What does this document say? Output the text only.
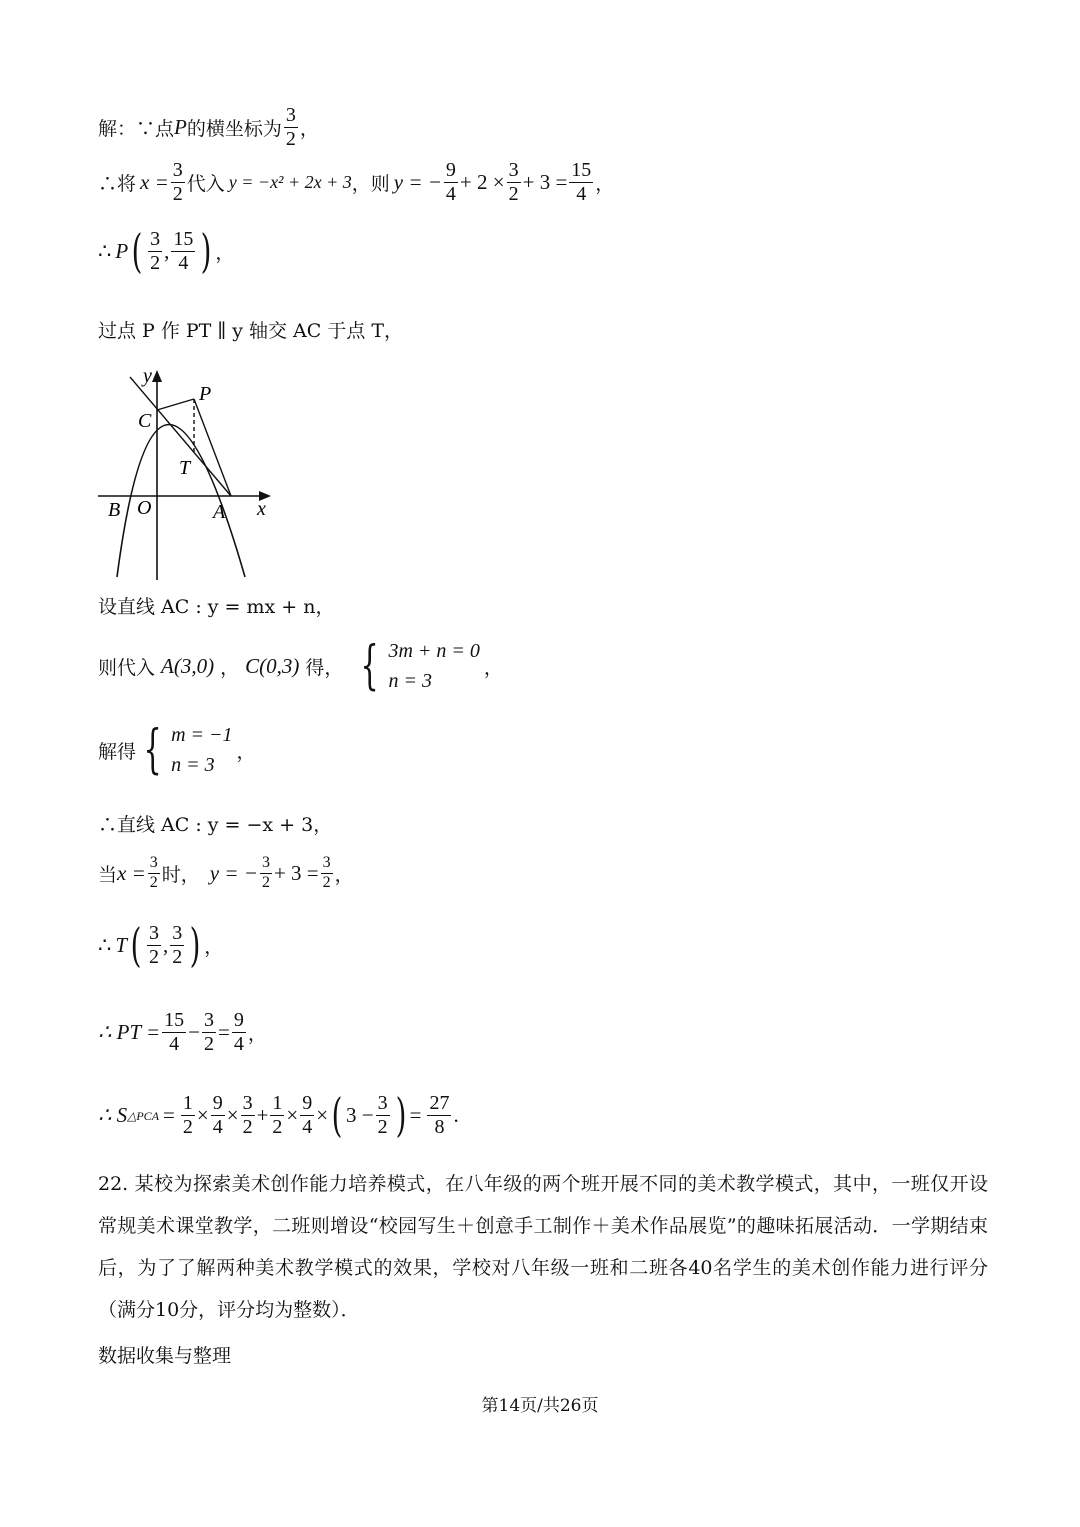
解：∵点 P 的横坐标为 $\frac{3}{2}$ ，
∴将 $x = \frac{3}{2}$ 代入 y = −x² + 2x + 3 ，则 y = − $\frac{9}{4} + 2 \times \frac{3}{2} + 3 = \frac{15}{4}$ ，
∴ P ( $\frac{3}{2}$ , $\frac{15}{4}$ ) ，
过点 P 作 PT ∥ y 轴交 AC 于点 T，
y
P
C
T
B O	A x
设直线 AC : y = mx + n，
则代入 A(3,0) ， C(0,3) 得， { 3m + n = 0
n = 3
，
解得 { m = −1
n = 3
，
∴直线 AC : y = −x + 3，
当 $x = \frac{3}{2}$ 时， y = − $\frac{3}{2} + 3 = \frac{3}{2}$ ，
∴ T ( $\frac{3}{2}$ , $\frac{3}{2}$ ) ，
∴ PT = $\frac{15}{4} - \frac{3}{2} = \frac{9}{4}$ ，
∴ S △PCA = $\frac{1}{2} \times \frac{9}{4} \times \frac{3}{2} + \frac{1}{2} \times \frac{9}{4}$ × ( $3 - \frac{3}{2}$ ) = $\frac{27}{8}$ .
22. 某校为探索美术创作能力培养模式，在八年级的两个班开展不同的美术教学模式，其中，一班仅开设常规美术课堂教学，二班则增设“校园写生＋创意手工制作＋美术作品展览”的趣味拓展活动．一学期结束后，为了了解两种美术教学模式的效果，学校对八年级一班和二班各40名学生的美术创作能力进行评分（满分10分，评分均为整数）．
数据收集与整理
第14页/共26页
